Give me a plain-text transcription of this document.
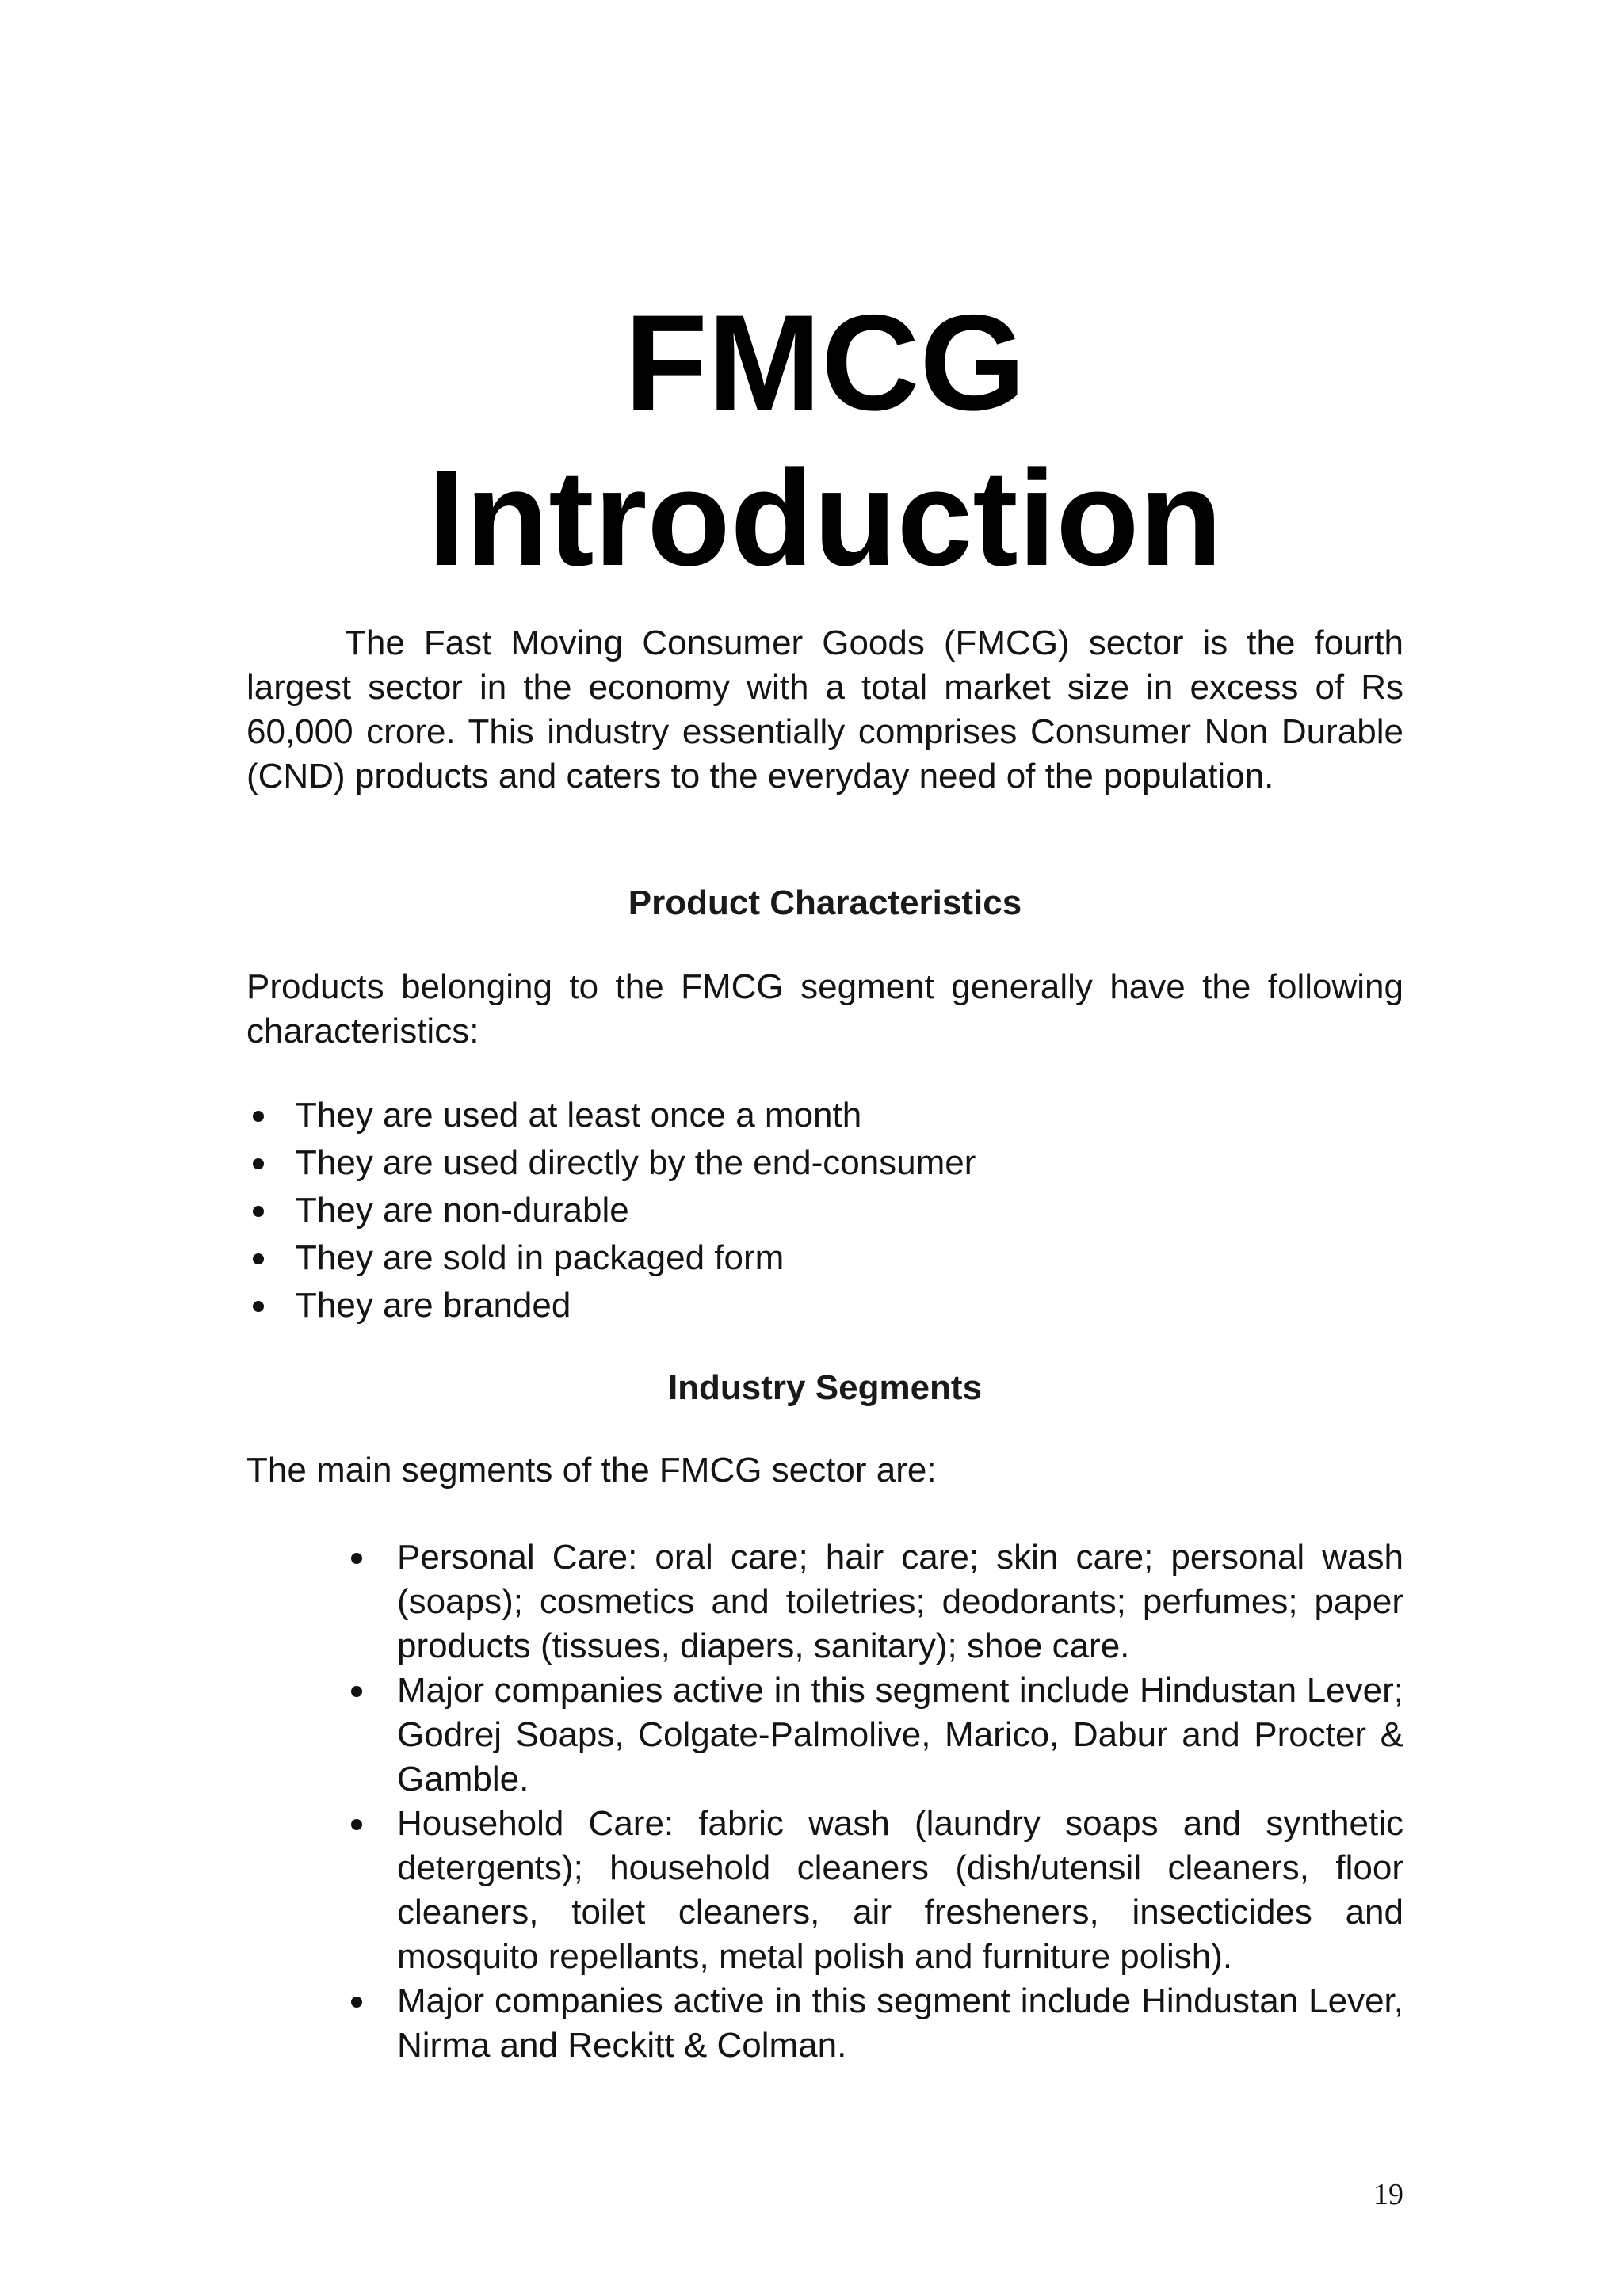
FMCG
Introduction

The Fast Moving Consumer Goods (FMCG) sector is the fourth largest sector in the economy with a total market size in excess of Rs 60,000 crore. This industry essentially comprises Consumer Non Durable (CND) products and caters to the everyday need of the population.

Product Characteristics

Products belonging to the FMCG segment generally have the following characteristics:

They are used at least once a month
They are used directly by the end-consumer
They are non-durable
They are sold in packaged form
They are branded
Industry Segments

The main segments of the FMCG sector are:

Personal Care: oral care; hair care; skin care; personal wash (soaps); cosmetics and toiletries; deodorants; perfumes; paper products (tissues, diapers, sanitary); shoe care.
Major companies active in this segment include Hindustan Lever; Godrej Soaps, Colgate-Palmolive, Marico, Dabur and Procter & Gamble.
Household Care: fabric wash (laundry soaps and synthetic detergents); household cleaners (dish/utensil cleaners, floor cleaners, toilet cleaners, air fresheners, insecticides and mosquito repellants, metal polish and furniture polish).
Major companies active in this segment include Hindustan Lever, Nirma and Reckitt & Colman.

19
